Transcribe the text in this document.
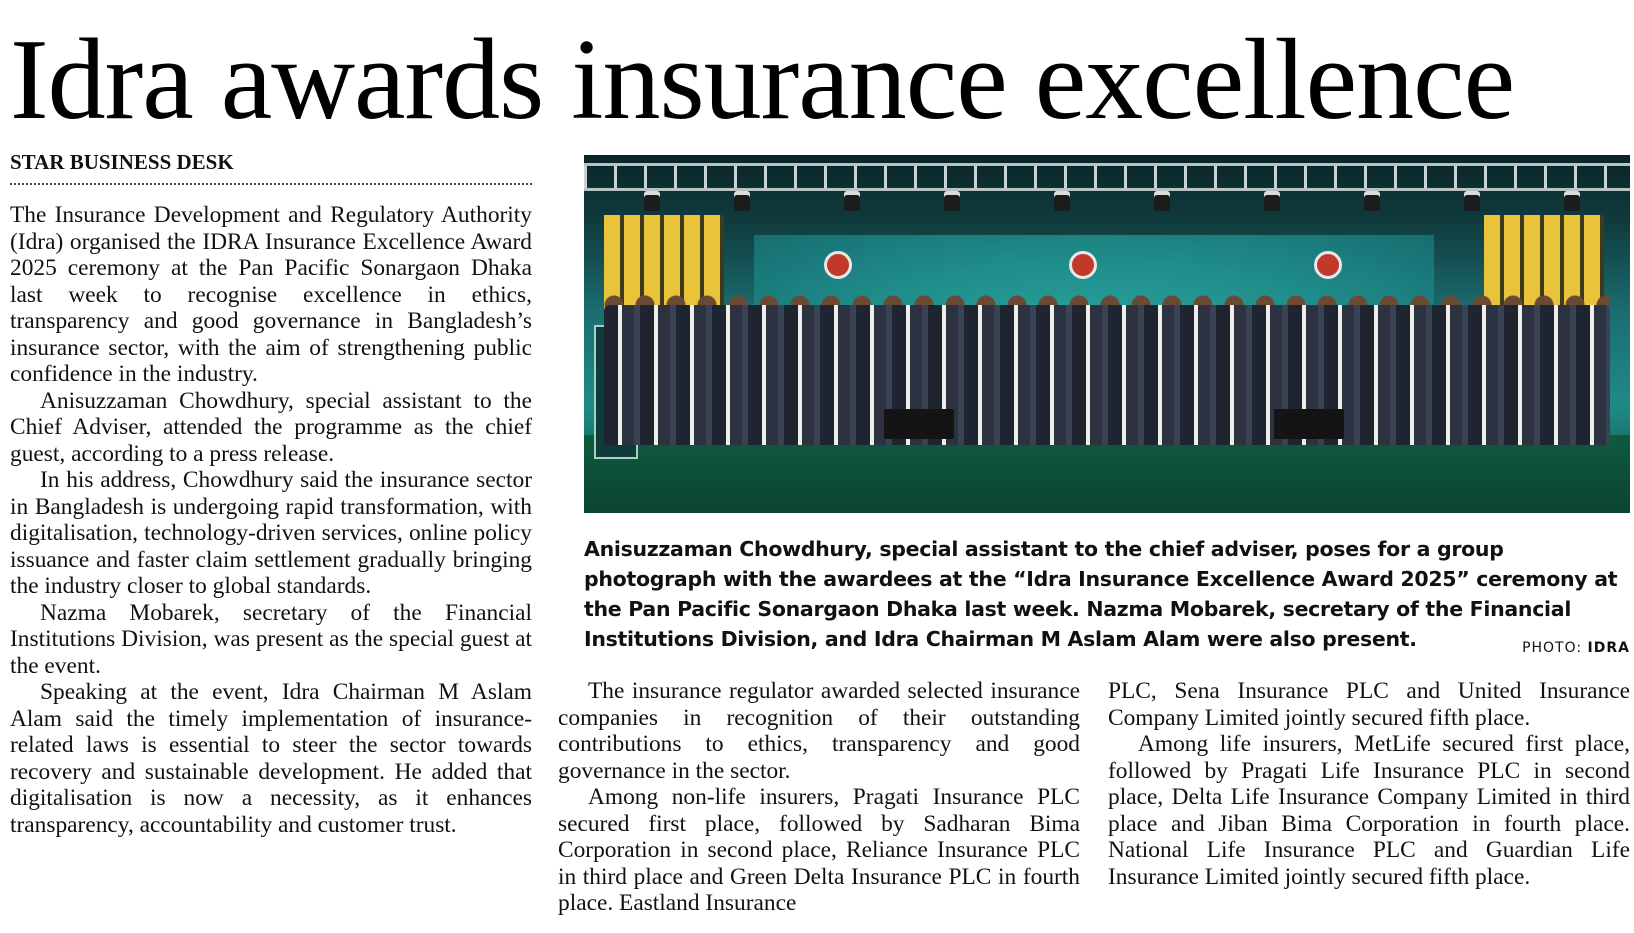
Idra awards insurance excellence
STAR BUSINESS DESK

The Insurance Development and Regulatory Authority (Idra) organised the IDRA Insurance Excellence Award 2025 ceremony at the Pan Pacific Sonargaon Dhaka last week to recognise excellence in ethics, transparency and good governance in Bangladesh’s insurance sector, with the aim of strengthening public confidence in the industry.

Anisuzzaman Chowdhury, special assistant to the Chief Adviser, attended the programme as the chief guest, according to a press release.

In his address, Chowdhury said the insurance sector in Bangladesh is undergoing rapid transformation, with digitalisation, technology-driven services, online policy issuance and faster claim settlement gradually bringing the industry closer to global standards.

Nazma Mobarek, secretary of the Financial Institutions Division, was present as the special guest at the event.

Speaking at the event, Idra Chairman M Aslam Alam said the timely implementation of insurance-related laws is essential to steer the sector towards recovery and sustainable development. He added that digitalisation is now a necessity, as it enhances transparency, accountability and customer trust.

Anisuzzaman Chowdhury, special assistant to the chief adviser, poses for a group photograph with the awardees at the “Idra Insurance Excellence Award 2025” ceremony at the Pan Pacific Sonargaon Dhaka last week. Nazma Mobarek, secretary of the Financial Institutions Division, and Idra Chairman M Aslam Alam were also present.	PHOTO: IDRA

The insurance regulator awarded selected insurance companies in recognition of their outstanding contributions to ethics, transparency and good governance in the sector.

Among non-life insurers, Pragati Insurance PLC secured first place, followed by Sadharan Bima Corporation in second place, Reliance Insurance PLC in third place and Green Delta Insurance PLC in fourth place. Eastland Insurance

PLC, Sena Insurance PLC and United Insurance Company Limited jointly secured fifth place.

Among life insurers, MetLife secured first place, followed by Pragati Life Insurance PLC in second place, Delta Life Insurance Company Limited in third place and Jiban Bima Corporation in fourth place. National Life Insurance PLC and Guardian Life Insurance Limited jointly secured fifth place.
